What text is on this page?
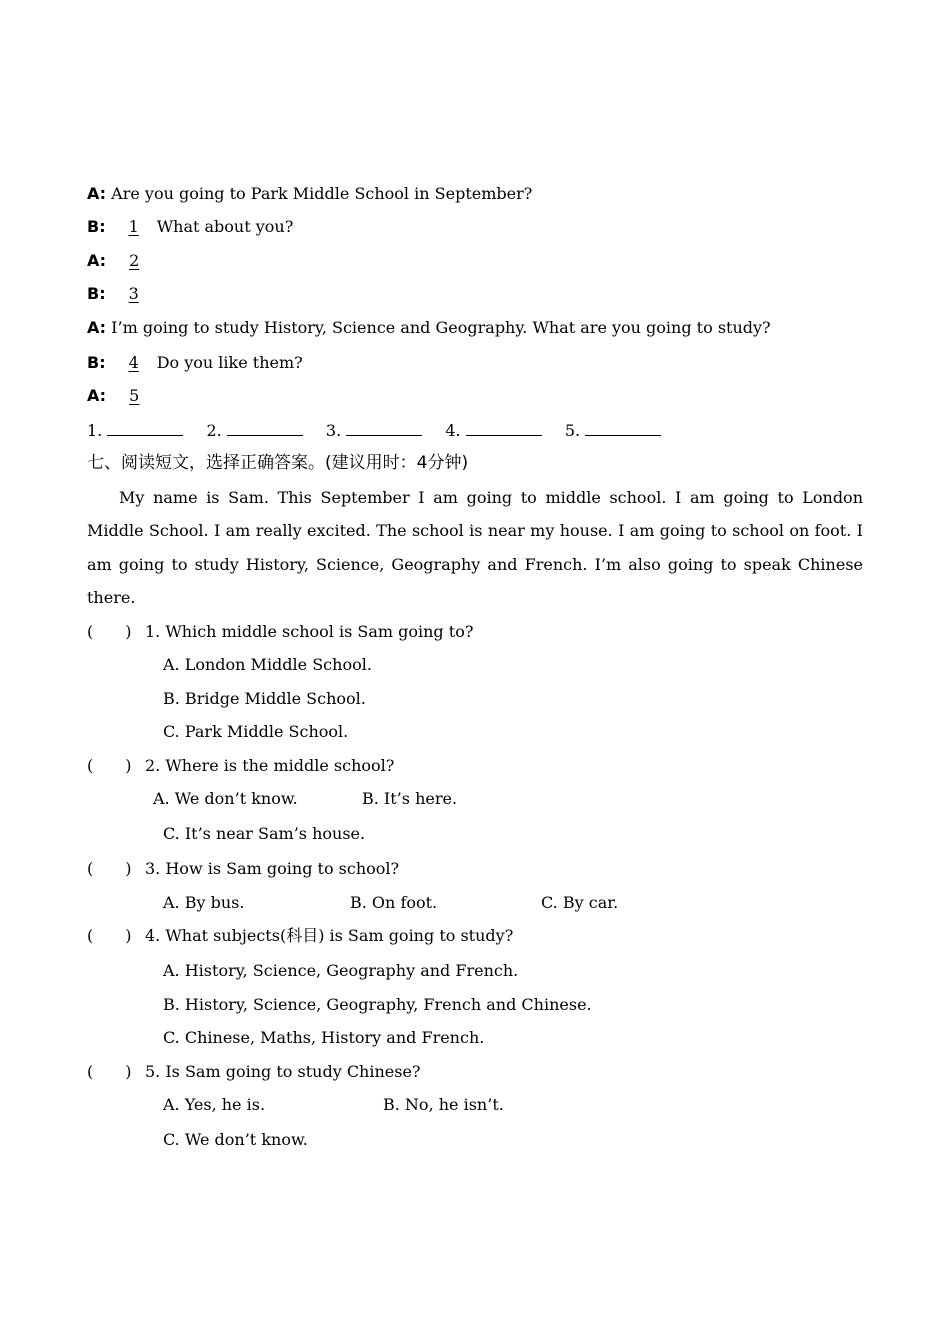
A: Are you going to Park Middle School in September?
B: 1 What about you?
A: 2
B: 3
A: I’m going to study History, Science and Geography. What are you going to study?
B: 4 Do you like them?
A: 5
1.	2.	3.	4.	5.
七、阅读短文，选择正确答案。(建议用时：4分钟)
My name is Sam. This September I am going to middle school. I am going to London Middle School. I am really excited. The school is near my house. I am going to school on foot. I am going to study History, Science, Geography and French. I’m also going to speak Chinese there.
(　　) 1. Which middle school is Sam going to?
A. London Middle School.
B. Bridge Middle School.
C. Park Middle School.
(　　) 2. Where is the middle school?
A. We don’t know.	B. It’s here.
C. It’s near Sam’s house.
(　　) 3. How is Sam going to school?
A. By bus.	B. On foot.	C. By car.
(　　) 4. What subjects(科目) is Sam going to study?
A. History, Science, Geography and French.
B. History, Science, Geography, French and Chinese.
C. Chinese, Maths, History and French.
(　　) 5. Is Sam going to study Chinese?
A. Yes, he is.	B. No, he isn’t.
C. We don’t know.
